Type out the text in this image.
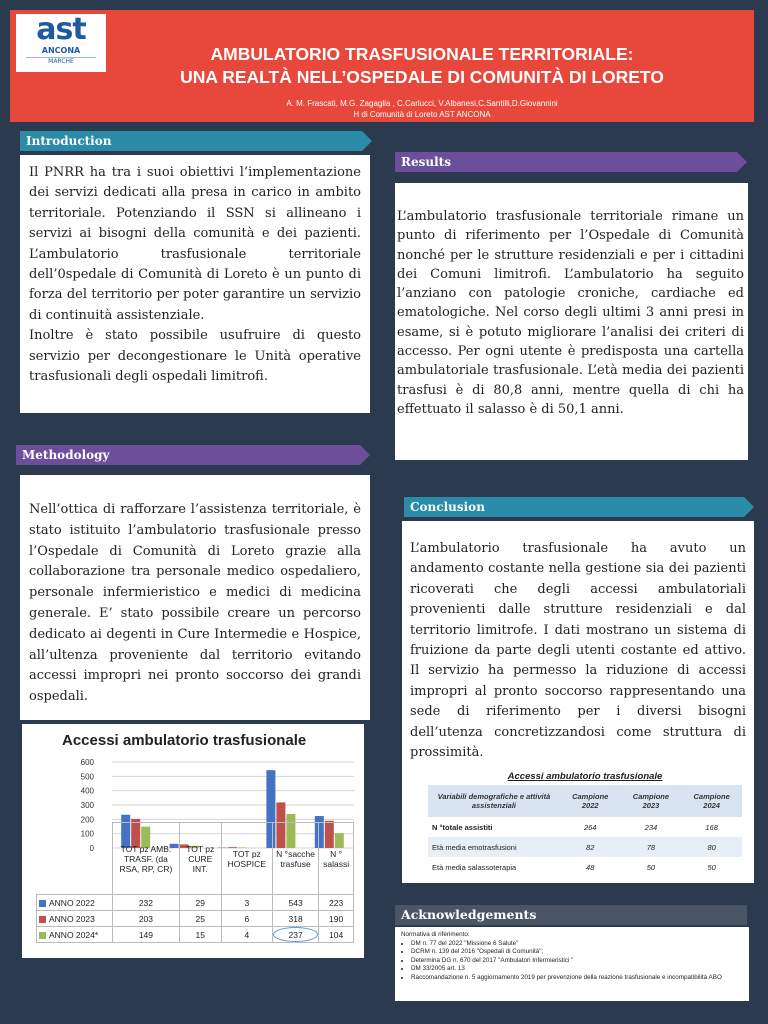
ast
ANCONA
MARCHE	AMBULATORIO TRASFUSIONALE TERRITORIALE:
UNA REALTÀ NELL’OSPEDALE DI COMUNITÀ DI LORETO
A. M. Frascati, M.G. Zagaglia , C.Carlucci, V.Albanesi,C.Santilli,D.Giovannini
H di Comunità di Loreto AST ANCONA
Introduction

Il PNRR ha tra i suoi obiettivi l’implementazione dei servizi dedicati alla presa in carico in ambito territoriale. Potenziando il SSN si allineano i servizi ai bisogni della comunità e dei pazienti. L’ambulatorio trasfusionale territoriale dell’0spedale di Comunità di Loreto è un punto di forza del territorio per poter garantire un servizio di continuità assistenziale.

Inoltre è stato possibile usufruire di questo servizio per decongestionare le Unità operative trasfusionali degli ospedali limitrofi.

Methodology

Nell’ottica di rafforzare l’assistenza territoriale, è stato istituito l’ambulatorio trasfusionale presso l’Ospedale di Comunità di Loreto grazie alla collaborazione tra personale medico ospedaliero, personale infermieristico e medici di medicina generale. E’ stato possibile creare un percorso dedicato ai degenti in Cure Intermedie e Hospice, all’ultenza proveniente dal territorio evitando accessi impropri nei pronto soccorso dei grandi ospedali.

Accessi ambulatorio trasfusionale
600
500
400
300
200
100
0
		TOT pz AMB. TRASF. (da RSA, RP, CR)	TOT pz CURE INT.	TOT pz HOSPICE	N °sacche trasfuse	N ° salassi
ANNO 2022	232	29	3	543	223
ANNO 2023	203	25	6	318	190
ANNO 2024*	149	15	4	237	104
Results

L’ambulatorio trasfusionale territoriale rimane un punto di riferimento per l’Ospedale di Comunità nonché per le strutture residenziali e per i cittadini dei Comuni limitrofi. L’ambulatorio ha seguito l’anziano con patologie croniche, cardiache ed ematologiche. Nel corso degli ultimi 3 anni presi in esame, si è potuto migliorare l’analisi dei criteri di accesso. Per ogni utente è predisposta una cartella ambulatoriale trasfusionale. L’età media dei pazienti trasfusi è di 80,8 anni, mentre quella di chi ha effettuato il salasso è di 50,1 anni.

Conclusion

L’ambulatorio trasfusionale ha avuto un andamento costante nella gestione sia dei pazienti ricoverati che degli accessi ambulatoriali provenienti dalle strutture residenziali e dal territorio limitrofe. I dati mostrano un sistema di fruizione da parte degli utenti costante ed attivo. Il servizio ha permesso la riduzione di accessi impropri al pronto soccorso rappresentando una sede di riferimento per i diversi bisogni dell’utenza concretizzandosi come struttura di prossimità.

Accessi ambulatorio trasfusionale
Variabili demografiche e attività assistenziali	Campione 2022	Campione 2023	Campione 2024
N °totale assistiti	264	234	168
Età media emotrasfusioni	82	78	80
Età media salassoterapia	48	50	50
Acknowledgements
Normativa di riferimento:
• DM n. 77 del 2022 "Missione 6 Salute"
• DCRM n. 139 del 2016 "Ospedali di Comunità";
• Determina DG n. 670 del 2017 "Ambulatori Infermieristici "
• DM 33/2005 art. 13
• Raccomandazione n. 5 aggiornamento 2019 per prevenzione della reazione trasfusionale e incompatibilità ABO
